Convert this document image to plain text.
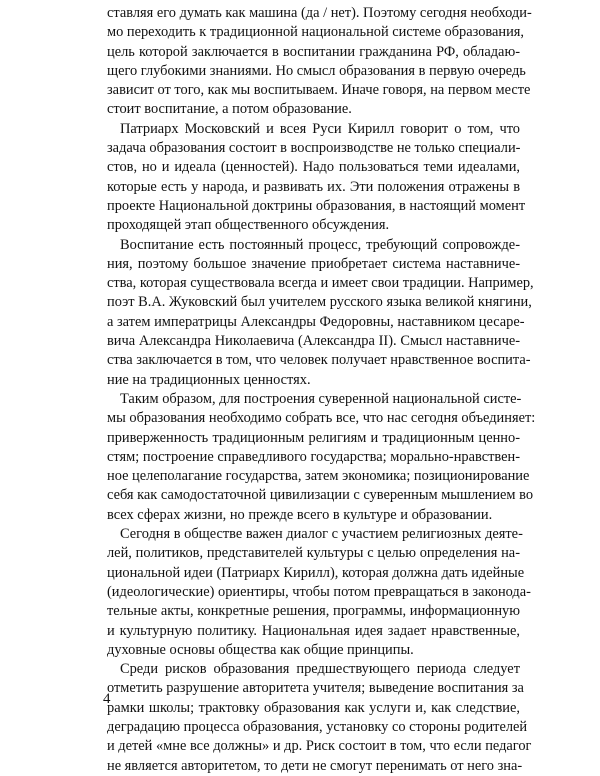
ставляя его думать как машина (да / нет). Поэтому сегодня необходи-
мо переходить к традиционной национальной системе образования,
цель которой заключается в воспитании гражданина РФ, обладаю-
щего глубокими знаниями. Но смысл образования в первую очередь
зависит от того, как мы воспитываем. Иначе говоря, на первом месте
стоит воспитание, а потом образование.

Патриарх Московский и всея Руси Кирилл говорит о том, что
задача образования состоит в воспроизводстве не только специали-
стов, но и идеала (ценностей). Надо пользоваться теми идеалами,
которые есть у народа, и развивать их. Эти положения отражены в
проекте Национальной доктрины образования, в настоящий момент
проходящей этап общественного обсуждения.

Воспитание есть постоянный процесс, требующий сопровожде-
ния, поэтому большое значение приобретает система наставниче-
ства, которая существовала всегда и имеет свои традиции. Например,
поэт В.А. Жуковский был учителем русского языка великой княгини,
а затем императрицы Александры Федоровны, наставником цесаре-
вича Александра Николаевича (Александра II). Смысл наставниче-
ства заключается в том, что человек получает нравственное воспита-
ние на традиционных ценностях.

Таким образом, для построения суверенной национальной систе-
мы образования необходимо собрать все, что нас сегодня объединяет:
приверженность традиционным религиям и традиционным ценно-
стям; построение справедливого государства; морально-нравствен-
ное целеполагание государства, затем экономика; позиционирование
себя как самодостаточной цивилизации с суверенным мышлением во
всех сферах жизни, но прежде всего в культуре и образовании.

Сегодня в обществе важен диалог с участием религиозных деяте-
лей, политиков, представителей культуры с целью определения на-
циональной идеи (Патриарх Кирилл), которая должна дать идейные
(идеологические) ориентиры, чтобы потом превращаться в законода-
тельные акты, конкретные решения, программы, информационную
и культурную политику. Национальная идея задает нравственные,
духовные основы общества как общие принципы.

Среди рисков образования предшествующего периода следует
отметить разрушение авторитета учителя; выведение воспитания за
рамки школы; трактовку образования как услуги и, как следствие,
деградацию процесса образования, установку со стороны родителей
и детей «мне все должны» и др. Риск состоит в том, что если педагог
не является авторитетом, то дети не смогут перенимать от него зна-

4
